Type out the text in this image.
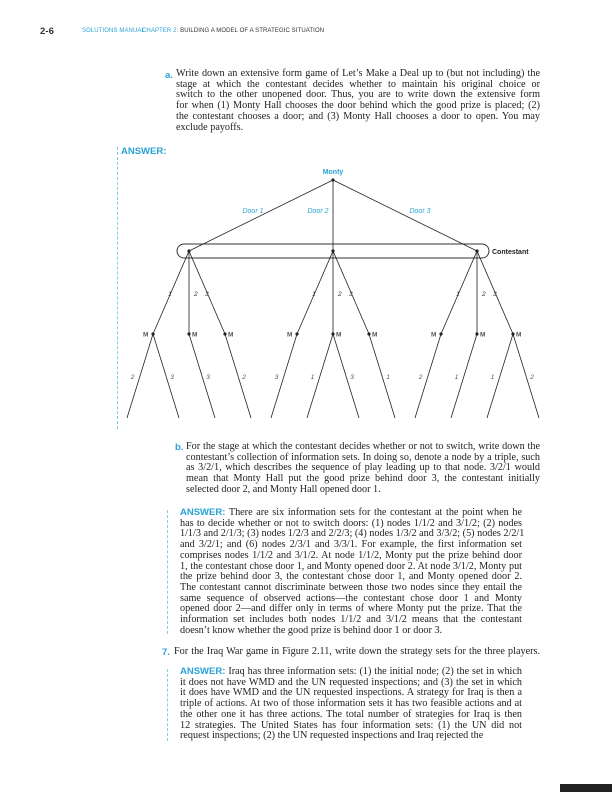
2-6	SOLUTIONS MANUAL
CHAPTER 2: BUILDING A MODEL OF A STRATEGIC SITUATION
a. Write down an extensive form game of Let’s Make a Deal up to (but not including) the
stage at which the contestant decides whether to maintain his original choice or
switch to the other unopened door. Thus, you are to write down the extensive form
for when (1) Monty Hall chooses the door behind which the good prize is placed; (2)
the contestant chooses a door; and (3) Monty Hall chooses a door to open. You may
exclude payoffs.
ANSWER:
Monty
Contestant
Door 1	Door 2	Door 3
1
M
2	3
2
M
3
3
M
2
1
M
3
2
M
1	3
3
M
1
1
M
2
2
M
1
3
M
1	2
b. For the stage at which the contestant decides whether or not to switch, write down the
contestant’s collection of information sets. In doing so, denote a node by a triple, such
as 3/2/1, which describes the sequence of play leading up to that node. 3/2/1 would
mean that Monty Hall put the good prize behind door 3, the contestant initially
selected door 2, and Monty Hall opened door 1.
ANSWER: There are six information sets for the contestant at the point when he
has to decide whether or not to switch doors: (1) nodes 1/1/2 and 3/1/2; (2) nodes
1/1/3 and 2/1/3; (3) nodes 1/2/3 and 2/2/3; (4) nodes 1/3/2 and 3/3/2; (5) nodes 2/2/1
and 3/2/1; and (6) nodes 2/3/1 and 3/3/1. For example, the first information set
comprises nodes 1/1/2 and 3/1/2. At node 1/1/2, Monty put the prize behind door
1, the contestant chose door 1, and Monty opened door 2. At node 3/1/2, Monty put
the prize behind door 3, the contestant chose door 1, and Monty opened door 2.
The contestant cannot discriminate between those two nodes since they entail the
same sequence of observed actions—the contestant chose door 1 and Monty
opened door 2—and differ only in terms of where Monty put the prize. That the
information set includes both nodes 1/1/2 and 3/1/2 means that the contestant
doesn’t know whether the good prize is behind door 1 or door 3.
7. For the Iraq War game in Figure 2.11, write down the strategy sets for the three players.
ANSWER: Iraq has three information sets: (1) the initial node; (2) the set in which
it does not have WMD and the UN requested inspections; and (3) the set in which
it does have WMD and the UN requested inspections. A strategy for Iraq is then a
triple of actions. At two of those information sets it has two feasible actions and at
the other one it has three actions. The total number of strategies for Iraq is then
12 strategies. The United States has four information sets: (1) the UN did not
request inspections; (2) the UN requested inspections and Iraq rejected the
